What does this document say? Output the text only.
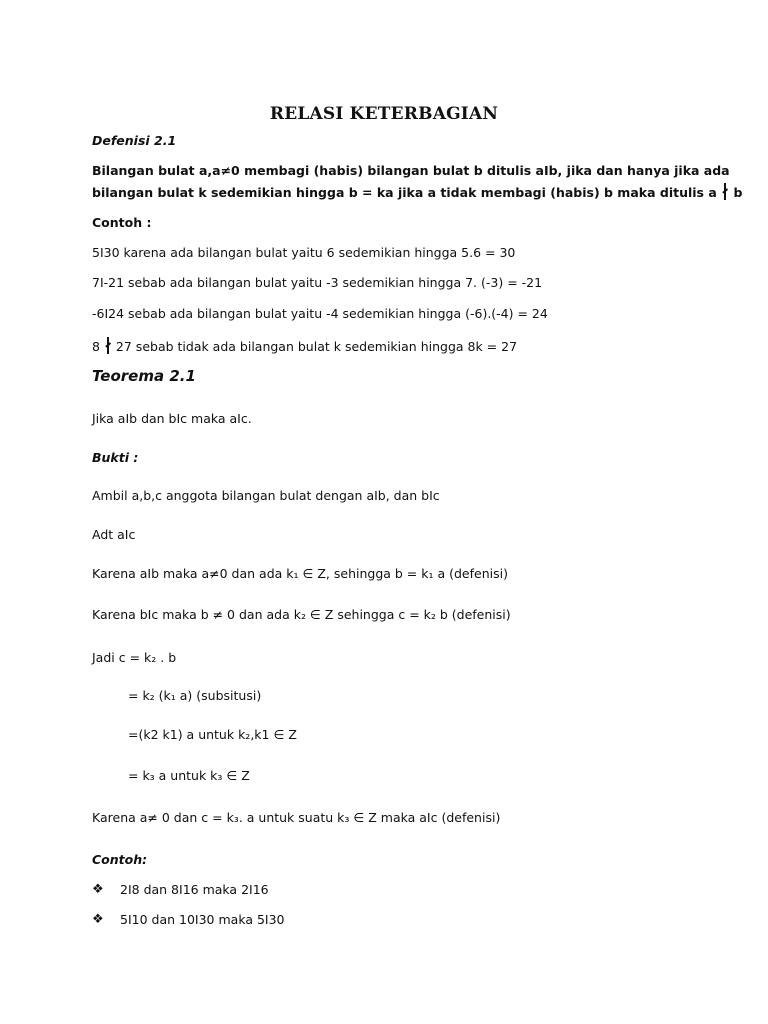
RELASI KETERBAGIAN
Defenisi 2.1
Bilangan bulat a,a≠0 membagi (habis) bilangan bulat b ditulis aIb, jika dan hanya jika ada
bilangan bulat k sedemikian hingga b = ka jika a tidak membagi (habis) b maka ditulis a b
Contoh :
5I30 karena ada bilangan bulat yaitu 6 sedemikian hingga 5.6 = 30
7I-21 sebab ada bilangan bulat yaitu -3 sedemikian hingga 7. (-3) = -21
-6I24 sebab ada bilangan bulat yaitu -4 sedemikian hingga (-6).(-4) = 24
8 27 sebab tidak ada bilangan bulat k sedemikian hingga 8k = 27
Teorema 2.1
Jika aIb dan bIc maka aIc.
Bukti :
Ambil a,b,c anggota bilangan bulat dengan aIb, dan bIc
Adt aIc
Karena aIb maka a≠0 dan ada k₁ ∈ Z, sehingga b = k₁ a (defenisi)
Karena bIc maka b ≠ 0 dan ada k₂ ∈ Z sehingga c = k₂ b (defenisi)
Jadi c = k₂ . b
= k₂ (k₁ a) (subsitusi)
=(k2 k1) a untuk k₂,k1 ∈ Z
= k₃ a untuk k₃ ∈ Z
Karena a≠ 0 dan c = k₃. a untuk suatu k₃ ∈ Z maka aIc (defenisi)
Contoh:
❖ 2I8 dan 8I16 maka 2I16
❖ 5I10 dan 10I30 maka 5I30
